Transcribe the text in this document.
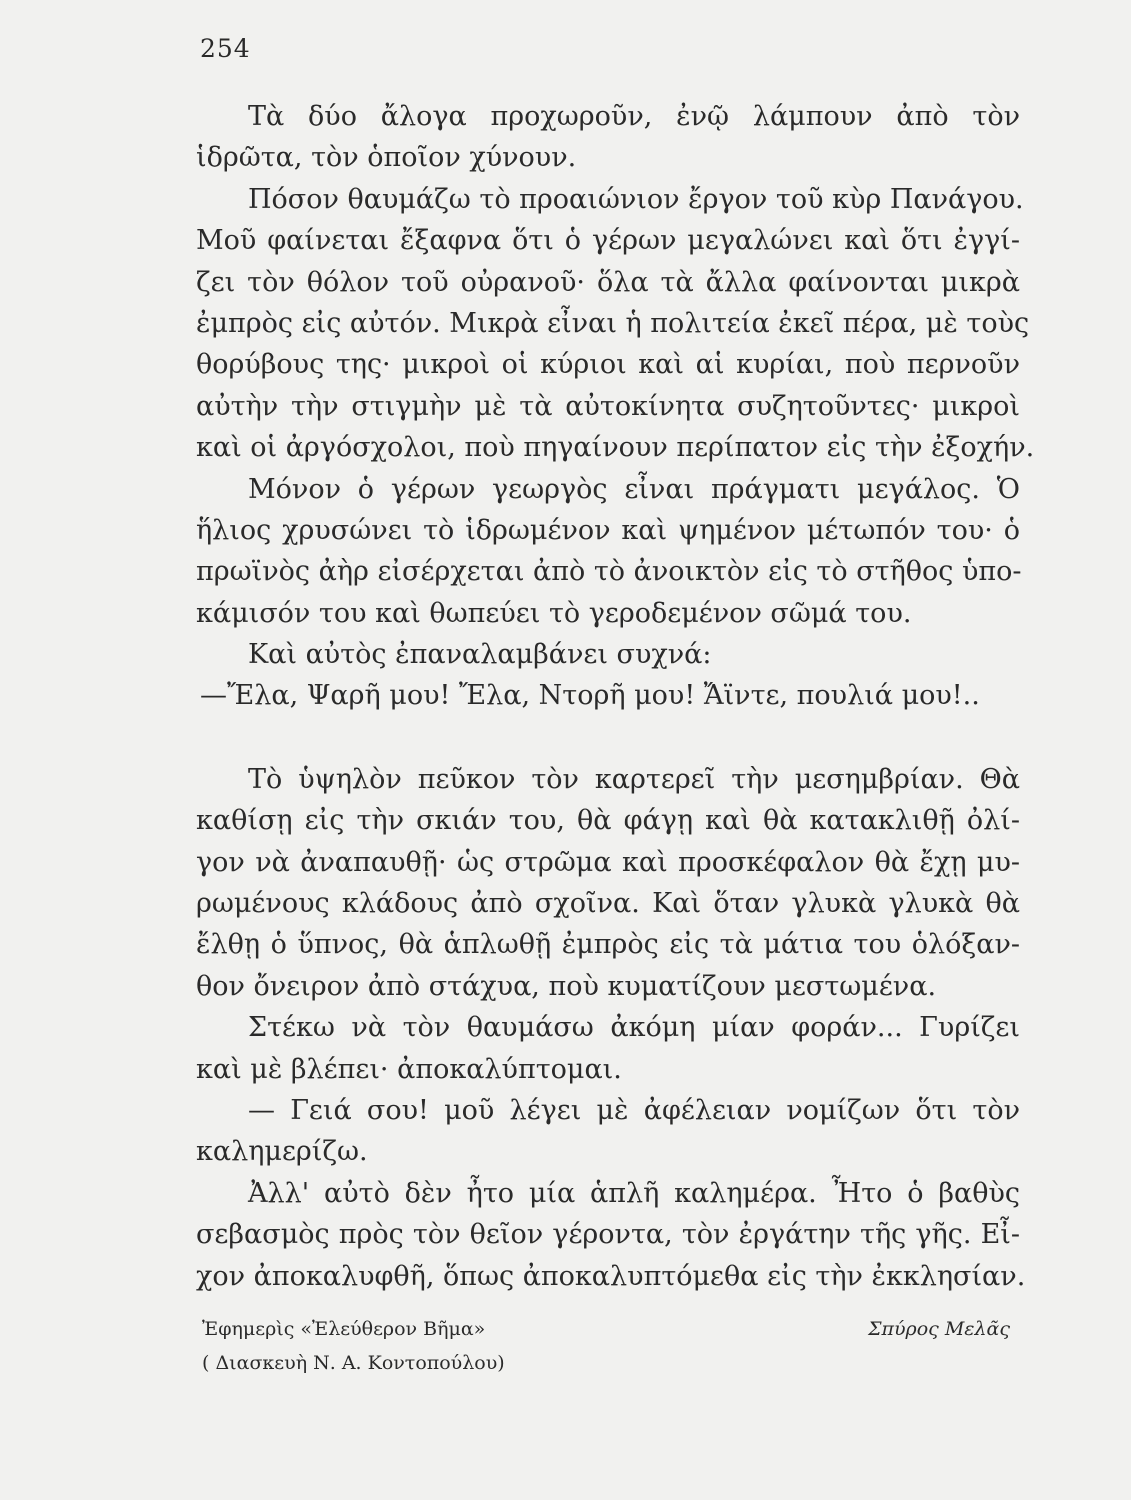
254
Τὰ δύο ἄλογα προχωροῦν, ἐνῷ λάμπουν ἀπὸ τὸν
ἱδρῶτα, τὸν ὁποῖον χύνουν.
Πόσον θαυμάζω τὸ προαιώνιον ἔργον τοῦ κὺρ Πανάγου.
Μοῦ φαίνεται ἔξαφνα ὅτι ὁ γέρων μεγαλώνει καὶ ὅτι ἐγγί-
ζει τὸν θόλον τοῦ οὐρανοῦ· ὅλα τὰ ἄλλα φαίνονται μικρὰ
ἐμπρὸς εἰς αὐτόν. Μικρὰ εἶναι ἡ πολιτεία ἐκεῖ πέρα, μὲ τοὺς
θορύβους της· μικροὶ οἱ κύριοι καὶ αἱ κυρίαι, ποὺ περνοῦν
αὐτὴν τὴν στιγμὴν μὲ τὰ αὐτοκίνητα συζητοῦντες· μικροὶ
καὶ οἱ ἀργόσχολοι, ποὺ πηγαίνουν περίπατον εἰς τὴν ἐξοχήν.
Μόνον ὁ γέρων γεωργὸς εἶναι πράγματι μεγάλος. Ὁ
ἥλιος χρυσώνει τὸ ἱδρωμένον καὶ ψημένον μέτωπόν του· ὁ
πρωϊνὸς ἀὴρ εἰσέρχεται ἀπὸ τὸ ἀνοικτὸν εἰς τὸ στῆθος ὑπο-
κάμισόν του καὶ θωπεύει τὸ γεροδεμένον σῶμά του.
Καὶ αὐτὸς ἐπαναλαμβάνει συχνά:
—Ἔλα, Ψαρῆ μου! Ἔλα, Ντορῆ μου! Ἄϊντε, πουλιά μου!..
Τὸ ὑψηλὸν πεῦκον τὸν καρτερεῖ τὴν μεσημβρίαν. Θὰ
καθίσῃ εἰς τὴν σκιάν του, θὰ φάγῃ καὶ θὰ κατακλιθῇ ὀλί-
γον νὰ ἀναπαυθῇ· ὡς στρῶμα καὶ προσκέφαλον θὰ ἔχῃ μυ-
ρωμένους κλάδους ἀπὸ σχοῖνα. Καὶ ὅταν γλυκὰ γλυκὰ θὰ
ἔλθῃ ὁ ὕπνος, θὰ ἁπλωθῇ ἐμπρὸς εἰς τὰ μάτια του ὁλόξαν-
θον ὄνειρον ἀπὸ στάχυα, ποὺ κυματίζουν μεστωμένα.
Στέκω νὰ τὸν θαυμάσω ἀκόμη μίαν φοράν... Γυρίζει
καὶ μὲ βλέπει· ἀποκαλύπτομαι.
— Γειά σου! μοῦ λέγει μὲ ἀφέλειαν νομίζων ὅτι τὸν
καλημερίζω.
Ἀλλ' αὐτὸ δὲν ἦτο μία ἁπλῆ καλημέρα. Ἦτο ὁ βαθὺς
σεβασμὸς πρὸς τὸν θεῖον γέροντα, τὸν ἐργάτην τῆς γῆς. Εἶ-
χον ἀποκαλυφθῆ, ὅπως ἀποκαλυπτόμεθα εἰς τὴν ἐκκλησίαν.
Ἐφημερὶς «Ἐλεύθερον Βῆμα»	Σπύρος Μελᾶς
( Διασκευὴ Ν. Α. Κοντοπούλου)
